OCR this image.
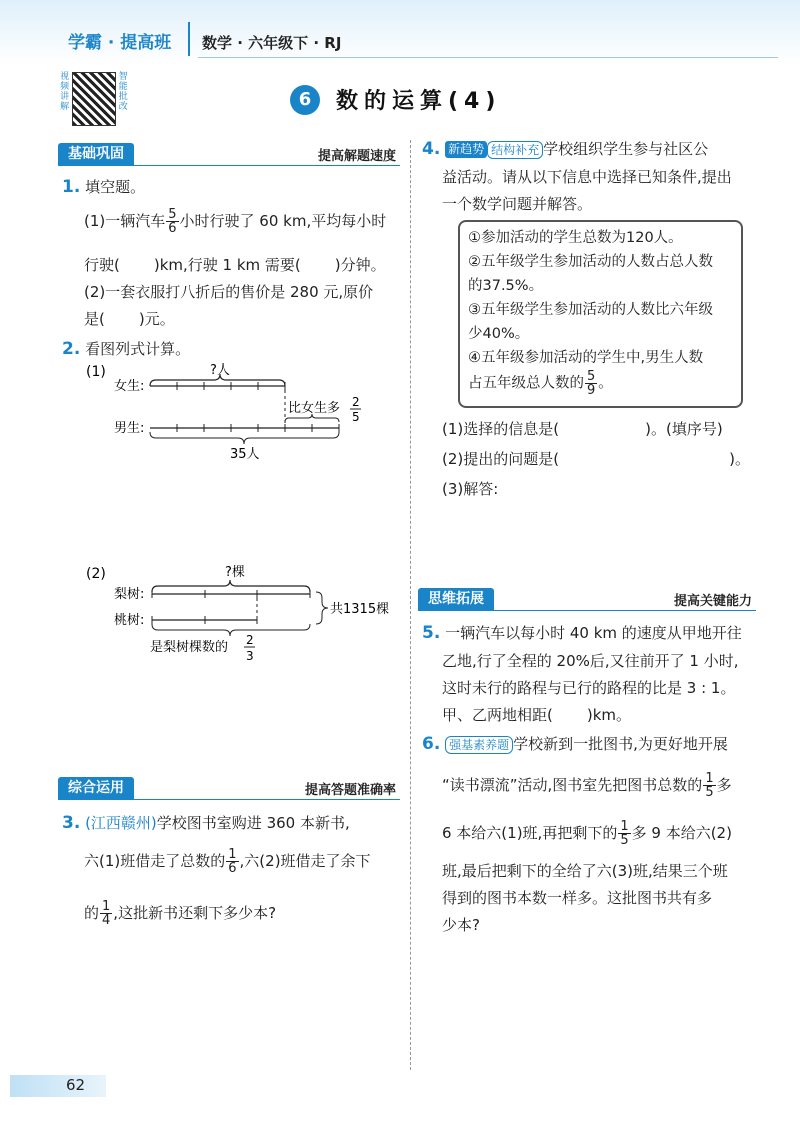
学霸 · 提高班 数学 · 六年级下 · RJ
视频讲解
智能批改	6	数的运算(4)
基础巩固	提高解题速度
1. 填空题。
(1)一辆汽车 $\frac{5}{6}$ 小时行驶了 60 km,平均每小时
行驶( )km,行驶 1 km 需要( )分钟。
(2)一套衣服打八折后的售价是 280 元,原价
是( )元。
2. 看图列式计算。
(1)
女生:
男生:
?人
比女生多 2
5
35人
(2)	?棵
梨树:
桃树:
共1315棵
是梨树棵数的 2
3
综合运用	提高答题准确率
3. (江西赣州)学校图书室购进 360 本新书,
六(1)班借走了总数的 $\frac{1}{6}$ ,六(2)班借走了余下
的 $\frac{1}{4}$ ,这批新书还剩下多少本?
4. 新趋势 结构补充 学校组织学生参与社区公
益活动。请从以下信息中选择已知条件,提出
一个数学问题并解答。
①参加活动的学生总数为120人。
②五年级学生参加活动的人数占总人数
的37.5%。
③五年级学生参加活动的人数比六年级
少40%。
④五年级参加活动的学生中,男生人数
占五年级总人数的 $\frac{5}{9}$ 。
(1)选择的信息是(	)。(填序号)
(2)提出的问题是(	)。
(3)解答:
思维拓展	提高关键能力
5. 一辆汽车以每小时 40 km 的速度从甲地开往
乙地,行了全程的 20%后,又往前开了 1 小时,
这时未行的路程与已行的路程的比是 3 : 1。
甲、乙两地相距( )km。
6. 强基素养题 学校新到一批图书,为更好地开展
“读书漂流”活动,图书室先把图书总数的 $\frac{1}{5}$ 多
6 本给六(1)班,再把剩下的 $\frac{1}{5}$ 多 9 本给六(2)
班,最后把剩下的全给了六(3)班,结果三个班
得到的图书本数一样多。这批图书共有多
少本?
62
